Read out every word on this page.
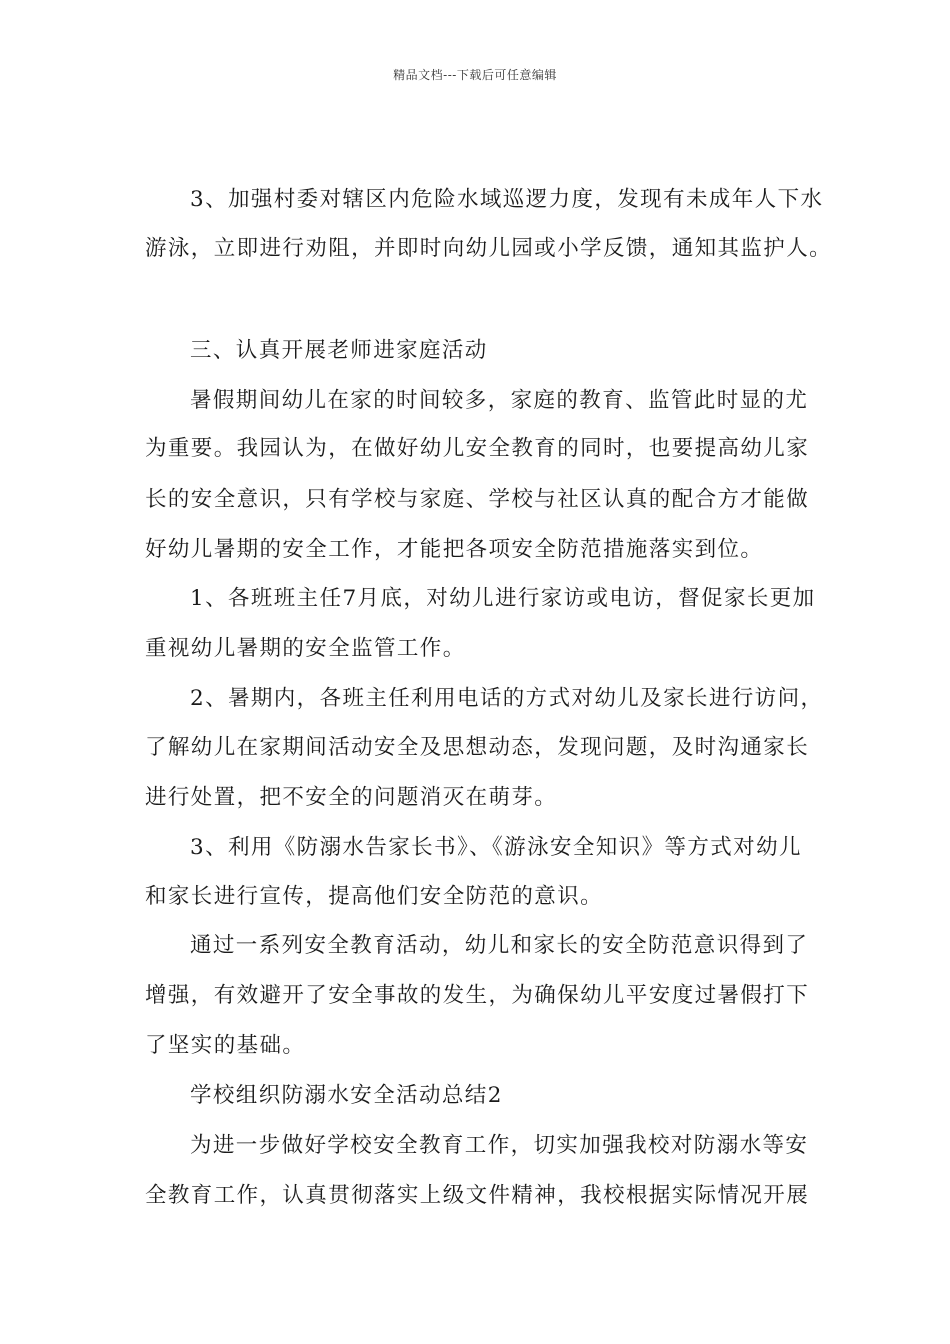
精品文档---下载后可任意编辑
3、加强村委对辖区内危险水域巡逻力度，发现有未成年人下水
游泳，立即进行劝阻，并即时向幼儿园或小学反馈，通知其监护人。
三、认真开展老师进家庭活动
暑假期间幼儿在家的时间较多，家庭的教育、监管此时显的尤
为重要。我园认为，在做好幼儿安全教育的同时，也要提高幼儿家
长的安全意识，只有学校与家庭、学校与社区认真的配合方才能做
好幼儿暑期的安全工作，才能把各项安全防范措施落实到位。
1、各班班主任7月底，对幼儿进行家访或电访，督促家长更加
重视幼儿暑期的安全监管工作。
2、暑期内，各班主任利用电话的方式对幼儿及家长进行访问，
了解幼儿在家期间活动安全及思想动态，发现问题，及时沟通家长
进行处置，把不安全的问题消灭在萌芽。
3、利用《防溺水告家长书》、《游泳安全知识》等方式对幼儿
和家长进行宣传，提高他们安全防范的意识。
通过一系列安全教育活动，幼儿和家长的安全防范意识得到了
增强，有效避开了安全事故的发生，为确保幼儿平安度过暑假打下
了坚实的基础。
学校组织防溺水安全活动总结2
为进一步做好学校安全教育工作，切实加强我校对防溺水等安
全教育工作，认真贯彻落实上级文件精神，我校根据实际情况开展
